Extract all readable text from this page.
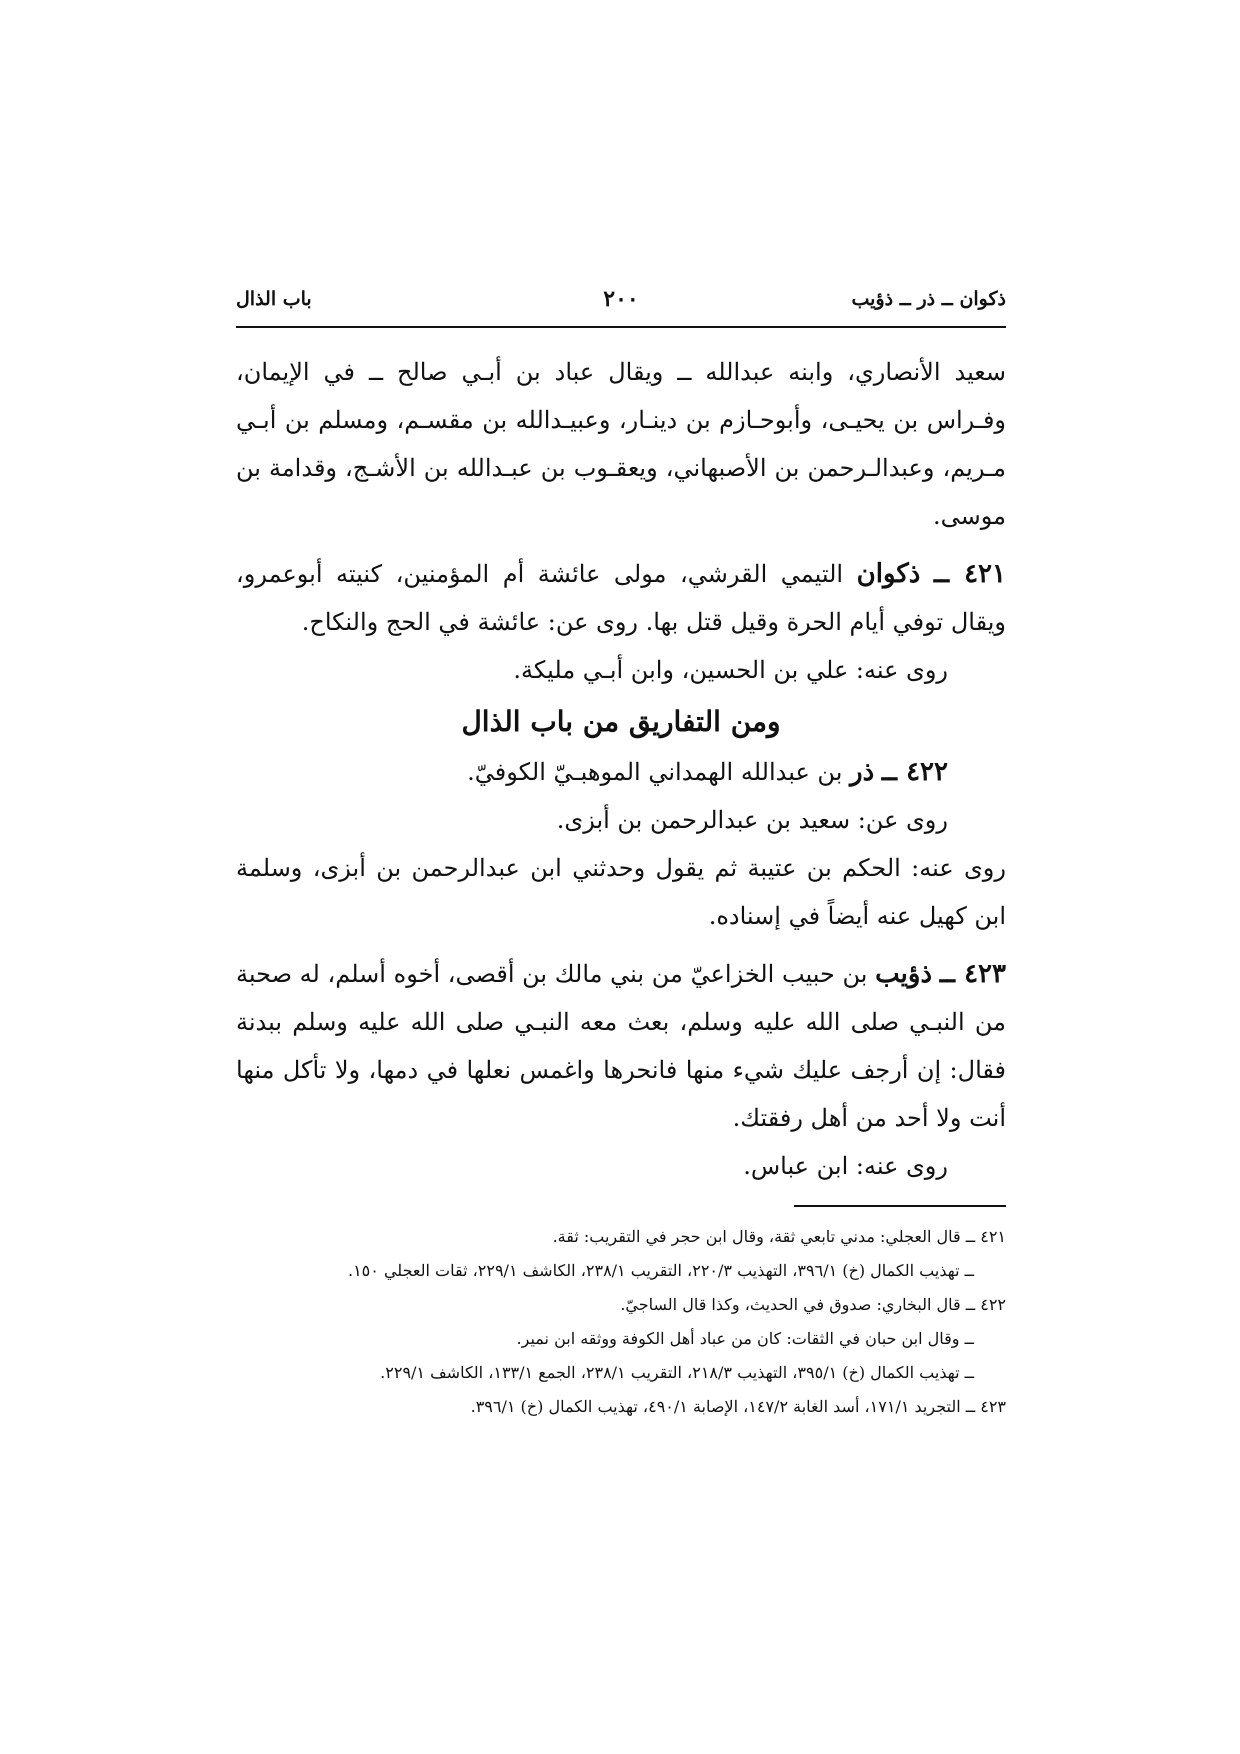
ذكوان ــ ذر ــ ذؤيب
٢٠٠
باب الذال

سعيد الأنصاري، وابنه عبدالله ــ ويقال عباد بن أبـي صالح ــ في الإيمان، وفـراس بن يحيـى، وأبوحـازم بن دينـار، وعبيـدالله بن مقسـم، ومسلم بن أبـي مـريم، وعبدالـرحمن بن الأصبهاني، ويعقـوب بن عبـدالله بن الأشـج، وقدامة بن موسى.

٤٢١ ــ ذكوان التيمي القرشي، مولى عائشة أم المؤمنين، كنيته أبوعمرو، ويقال توفي أيام الحرة وقيل قتل بها. روى عن: عائشة في الحج والنكاح.

روى عنه: علي بن الحسين، وابن أبـي مليكة.

ومن التفاريق من باب الذال

٤٢٢ ــ ذر بن عبدالله الهمداني الموهبـيّ الكوفيّ.

روى عن: سعيد بن عبدالرحمن بن أبزى.

روى عنه: الحكم بن عتيبة ثم يقول وحدثني ابن عبدالرحمن بن أبزى، وسلمة ابن كهيل عنه أيضاً في إسناده.

٤٢٣ ــ ذؤيب بن حبيب الخزاعيّ من بني مالك بن أقصى، أخوه أسلم، له صحبة من النبـي صلى الله عليه وسلم، بعث معه النبـي صلى الله عليه وسلم ببدنة فقال: إن أرجف عليك شيء منها فانحرها واغمس نعلها في دمها، ولا تأكل منها أنت ولا أحد من أهل رفقتك.

روى عنه: ابن عباس.

٤٢١ ــ قال العجلي: مدني تابعي ثقة، وقال ابن حجر في التقريب: ثقة.

ــ تهذيب الكمال (خ) ٣٩٦/١، التهذيب ٢٢٠/٣، التقريب ٢٣٨/١، الكاشف ٢٢٩/١، ثقات العجلي ١٥٠.

٤٢٢ ــ قال البخاري: صدوق في الحديث، وكذا قال الساجيّ.

ــ وقال ابن حبان في الثقات: كان من عباد أهل الكوفة ووثقه ابن نمير.

ــ تهذيب الكمال (خ) ٣٩٥/١، التهذيب ٢١٨/٣، التقريب ٢٣٨/١، الجمع ١٣٣/١، الكاشف ٢٢٩/١.

٤٢٣ ــ التجريد ١٧١/١، أسد الغابة ١٤٧/٢، الإصابة ٤٩٠/١، تهذيب الكمال (خ) ٣٩٦/١.
